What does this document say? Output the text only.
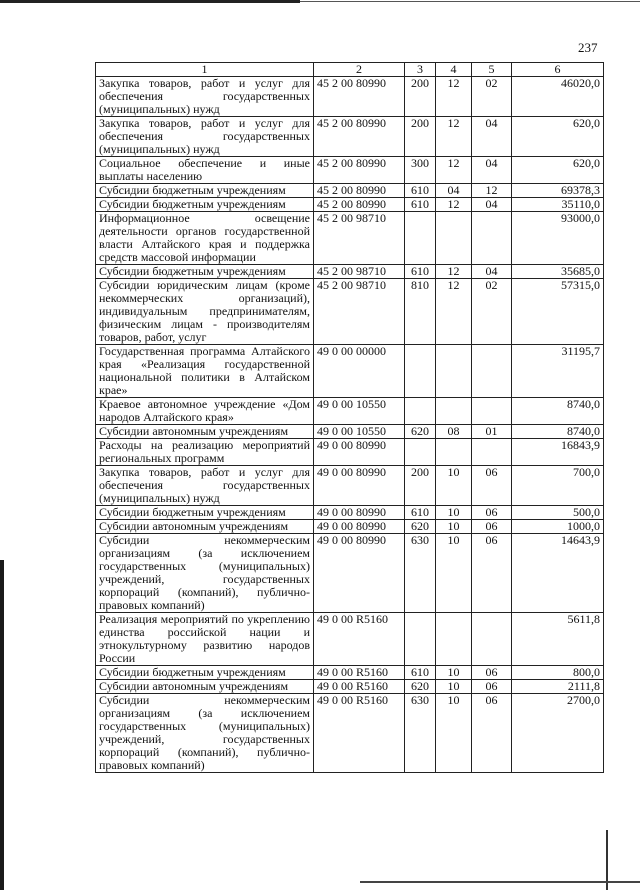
237
1	2	3	4	5	6
Закупка товаров, работ и услуг для обеспечения государственных (муниципальных) нужд	45 2 00 80990	200	12	02	46020,0
Закупка товаров, работ и услуг для обеспечения государственных (муниципальных) нужд	45 2 00 80990	200	12	04	620,0
Социальное обеспечение и иные выплаты населению	45 2 00 80990	300	12	04	620,0
Субсидии бюджетным учреждениям	45 2 00 80990	610	04	12	69378,3
Субсидии бюджетным учреждениям	45 2 00 80990	610	12	04	35110,0
Информационное освещение деятельности органов государственной власти Алтайского края и поддержка средств массовой информации	45 2 00 98710				93000,0
Субсидии бюджетным учреждениям	45 2 00 98710	610	12	04	35685,0
Субсидии юридическим лицам (кроме некоммерческих организаций), индивидуальным предпринимателям, физическим лицам - производителям товаров, работ, услуг	45 2 00 98710	810	12	02	57315,0
Государственная программа Алтайского края «Реализация государственной национальной политики в Алтайском крае»	49 0 00 00000				31195,7
Краевое автономное учреждение «Дом народов Алтайского края»	49 0 00 10550				8740,0
Субсидии автономным учреждениям	49 0 00 10550	620	08	01	8740,0
Расходы на реализацию мероприятий региональных программ	49 0 00 80990				16843,9
Закупка товаров, работ и услуг для обеспечения государственных (муниципальных) нужд	49 0 00 80990	200	10	06	700,0
Субсидии бюджетным учреждениям	49 0 00 80990	610	10	06	500,0
Субсидии автономным учреждениям	49 0 00 80990	620	10	06	1000,0
Субсидии некоммерческим организациям (за исключением государственных (муниципальных) учреждений, государственных корпораций (компаний), публично-правовых компаний)	49 0 00 80990	630	10	06	14643,9
Реализация мероприятий по укреплению единства российской нации и этнокультурному развитию народов России	49 0 00 R5160				5611,8
Субсидии бюджетным учреждениям	49 0 00 R5160	610	10	06	800,0
Субсидии автономным учреждениям	49 0 00 R5160	620	10	06	2111,8
Субсидии некоммерческим организациям (за исключением государственных (муниципальных) учреждений, государственных корпораций (компаний), публично-правовых компаний)	49 0 00 R5160	630	10	06	2700,0
